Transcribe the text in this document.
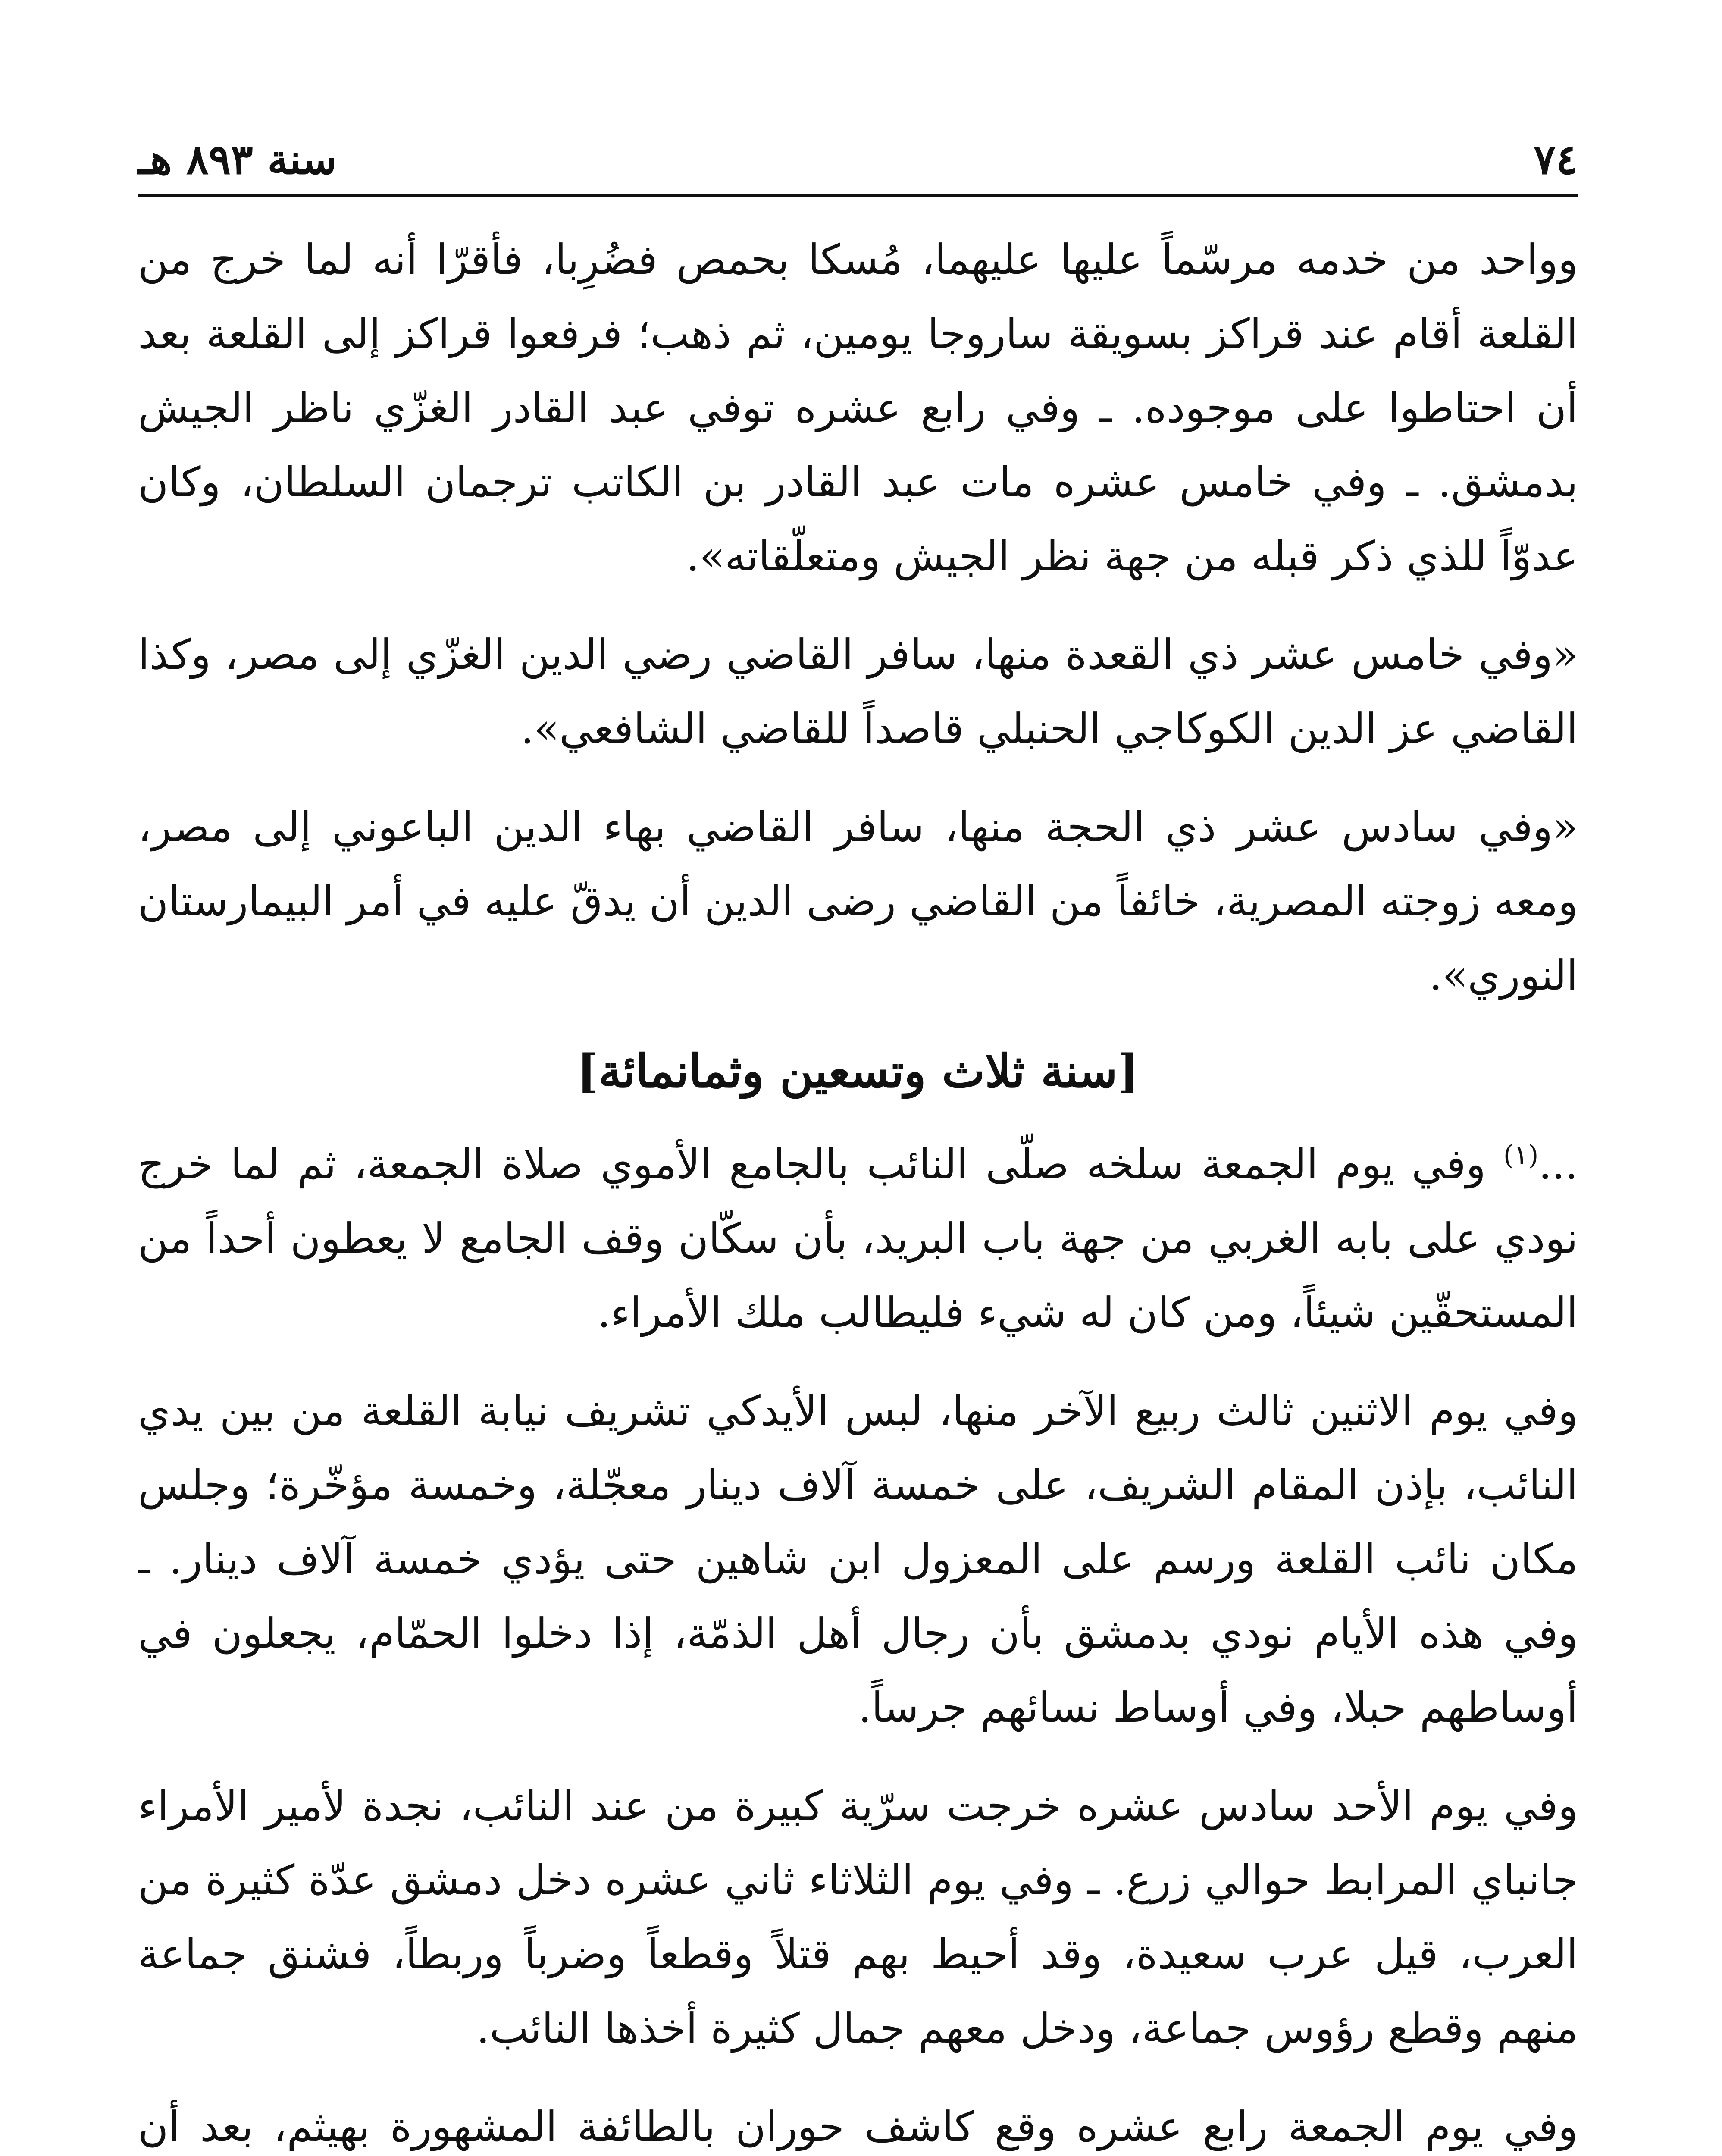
٧٤
سنة ٨٩٣ هـ

وواحد من خدمه مرسّماً عليها عليهما، مُسكا بحمص فضُرِبا، فأقرّا أنه لما خرج من القلعة أقام عند قراكز بسويقة ساروجا يومين، ثم ذهب؛ فرفعوا قراكز إلى القلعة بعد أن احتاطوا على موجوده. ـ وفي رابع عشره توفي عبد القادر الغزّي ناظر الجيش بدمشق. ـ وفي خامس عشره مات عبد القادر بن الكاتب ترجمان السلطان، وكان عدوّاً للذي ذكر قبله من جهة نظر الجيش ومتعلّقاته».

«وفي خامس عشر ذي القعدة منها، سافر القاضي رضي الدين الغزّي إلى مصر، وكذا القاضي عز الدين الكوكاجي الحنبلي قاصداً للقاضي الشافعي».

«وفي سادس عشر ذي الحجة منها، سافر القاضي بهاء الدين الباعوني إلى مصر، ومعه زوجته المصرية، خائفاً من القاضي رضى الدين أن يدقّ عليه في أمر البيمارستان النوري».

[سنة ثلاث وتسعين وثمانمائة]

...$^{(١)}$ وفي يوم الجمعة سلخه صلّى النائب بالجامع الأموي صلاة الجمعة، ثم لما خرج نودي على بابه الغربي من جهة باب البريد، بأن سكّان وقف الجامع لا يعطون أحداً من المستحقّين شيئاً، ومن كان له شيء فليطالب ملك الأمراء.

وفي يوم الاثنين ثالث ربيع الآخر منها، لبس الأيدكي تشريف نيابة القلعة من بين يدي النائب، بإذن المقام الشريف، على خمسة آلاف دينار معجّلة، وخمسة مؤخّرة؛ وجلس مكان نائب القلعة ورسم على المعزول ابن شاهين حتى يؤدي خمسة آلاف دينار. ـ وفي هذه الأيام نودي بدمشق بأن رجال أهل الذمّة، إذا دخلوا الحمّام، يجعلون في أوساطهم حبلا، وفي أوساط نسائهم جرساً.

وفي يوم الأحد سادس عشره خرجت سرّية كبيرة من عند النائب، نجدة لأمير الأمراء جانباي المرابط حوالي زرع. ـ وفي يوم الثلاثاء ثاني عشره دخل دمشق عدّة كثيرة من العرب، قيل عرب سعيدة، وقد أحيط بهم قتلاً وقطعاً وضرباً وربطاً، فشنق جماعة منهم وقطع رؤوس جماعة، ودخل معهم جمال كثيرة أخذها النائب.

وفي يوم الجمعة رابع عشره وقع كاشف حوران بالطائفة المشهورة بهيثم، بعد أن
